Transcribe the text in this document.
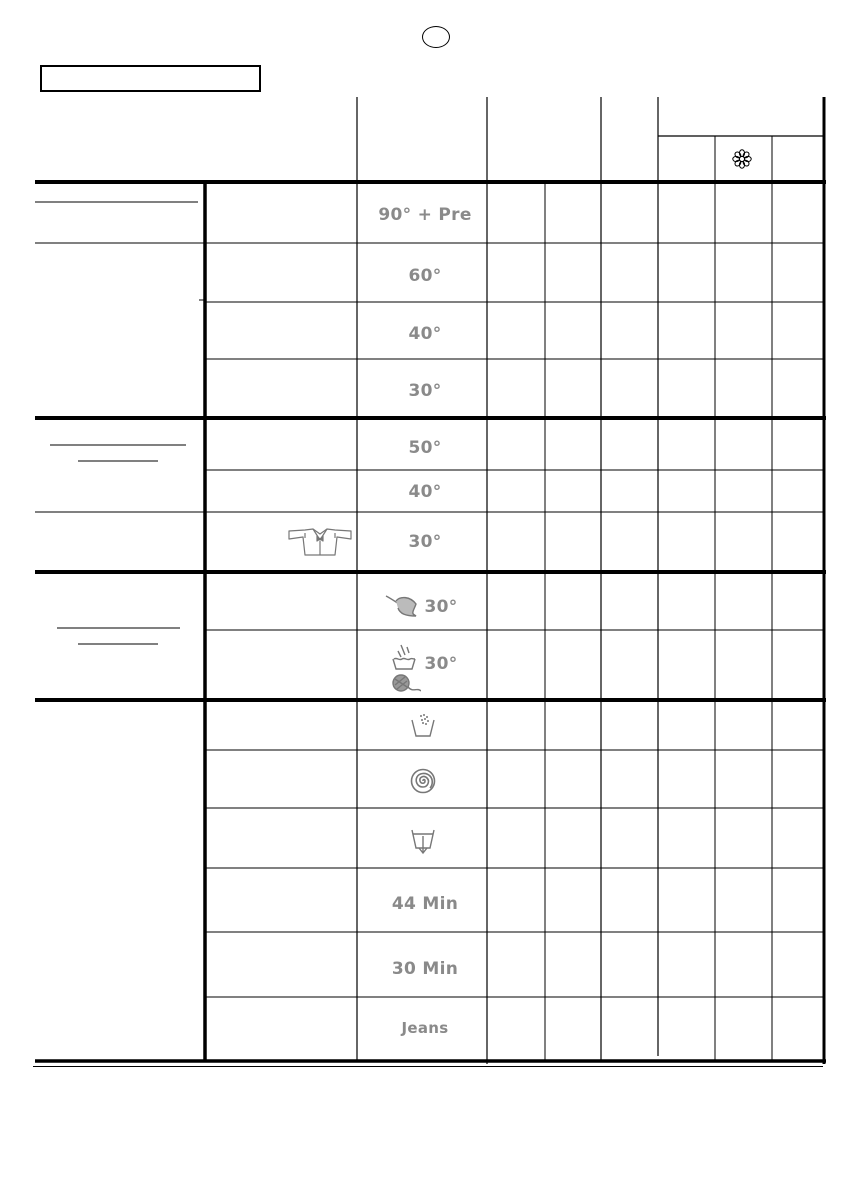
90° + Pre
60°
40°
30°
50°
40°
30°
30°
30°
44 Min
30 Min
Jeans
